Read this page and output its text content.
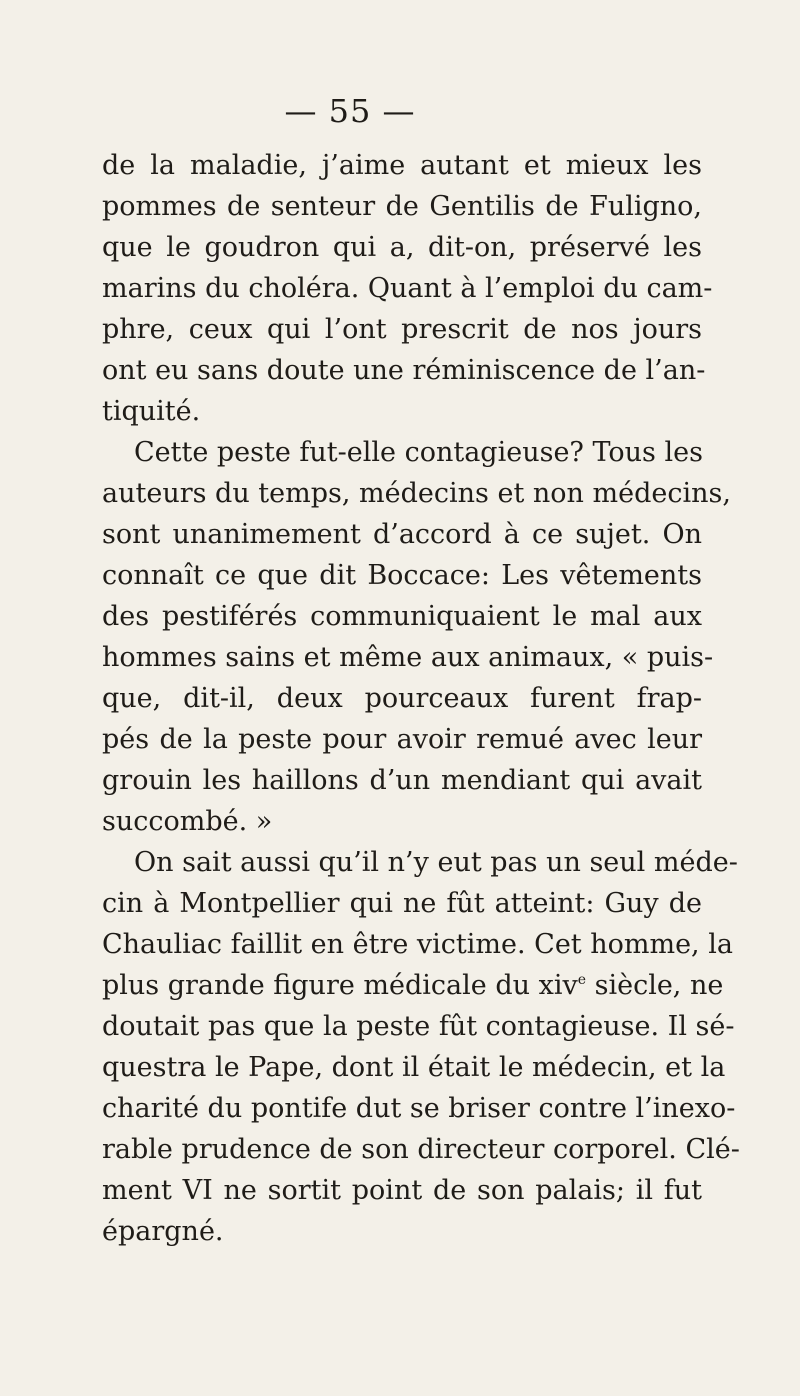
— 55 —
de la maladie, j’aime autant et mieux les
pommes de senteur de Gentilis de Fuligno,
que le goudron qui a, dit-on, préservé les
marins du choléra. Quant à l’emploi du cam-
phre, ceux qui l’ont prescrit de nos jours
ont eu sans doute une réminiscence de l’an-
tiquité.
Cette peste fut-elle contagieuse? Tous les
auteurs du temps, médecins et non médecins,
sont unanimement d’accord à ce sujet. On
connaît ce que dit Boccace: Les vêtements
des pestiférés communiquaient le mal aux
hommes sains et même aux animaux, « puis-
que, dit-il, deux pourceaux furent frap-
pés de la peste pour avoir remué avec leur
grouin les haillons d’un mendiant qui avait
succombé. »
On sait aussi qu’il n’y eut pas un seul méde-
cin à Montpellier qui ne fût atteint: Guy de
Chauliac faillit en être victime. Cet homme, la
plus grande figure médicale du xiv$^e$ siècle, ne
doutait pas que la peste fût contagieuse. Il sé-
questra le Pape, dont il était le médecin, et la
charité du pontife dut se briser contre l’inexo-
rable prudence de son directeur corporel. Clé-
ment VI ne sortit point de son palais; il fut
épargné.
